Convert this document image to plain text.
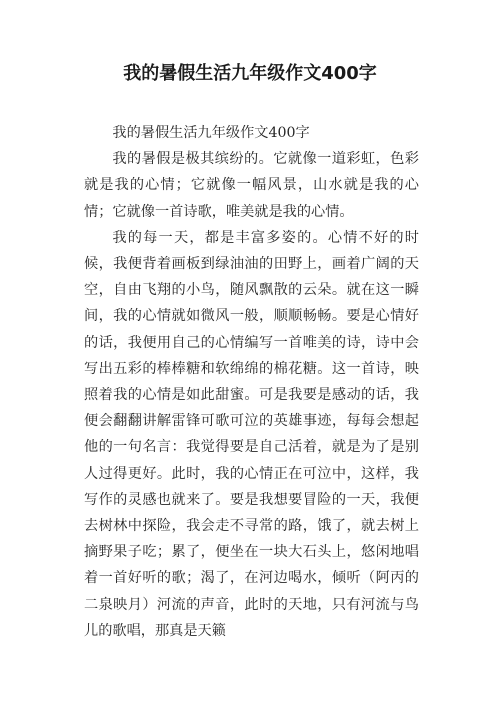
我的暑假生活九年级作文400字

我的暑假生活九年级作文400字

我的暑假是极其缤纷的。它就像一道彩虹，色彩就是我的心情；它就像一幅风景，山水就是我的心情；它就像一首诗歌，唯美就是我的心情。

我的每一天，都是丰富多姿的。心情不好的时候，我便背着画板到绿油油的田野上，画着广阔的天空，自由飞翔的小鸟，随风飘散的云朵。就在这一瞬间，我的心情就如微风一般，顺顺畅畅。要是心情好的话，我便用自己的心情编写一首唯美的诗，诗中会写出五彩的棒棒糖和软绵绵的棉花糖。这一首诗，映照着我的心情是如此甜蜜。可是我要是感动的话，我便会翻翻讲解雷锋可歌可泣的英雄事迹，每每会想起他的一句名言：我觉得要是自己活着，就是为了是别人过得更好。此时，我的心情正在可泣中，这样，我写作的灵感也就来了。要是我想要冒险的一天，我便去树林中探险，我会走不寻常的路，饿了，就去树上摘野果子吃；累了，便坐在一块大石头上，悠闲地唱着一首好听的歌；渴了，在河边喝水，倾听（阿丙的二泉映月）河流的声音，此时的天地，只有河流与鸟儿的歌唱，那真是天籁
